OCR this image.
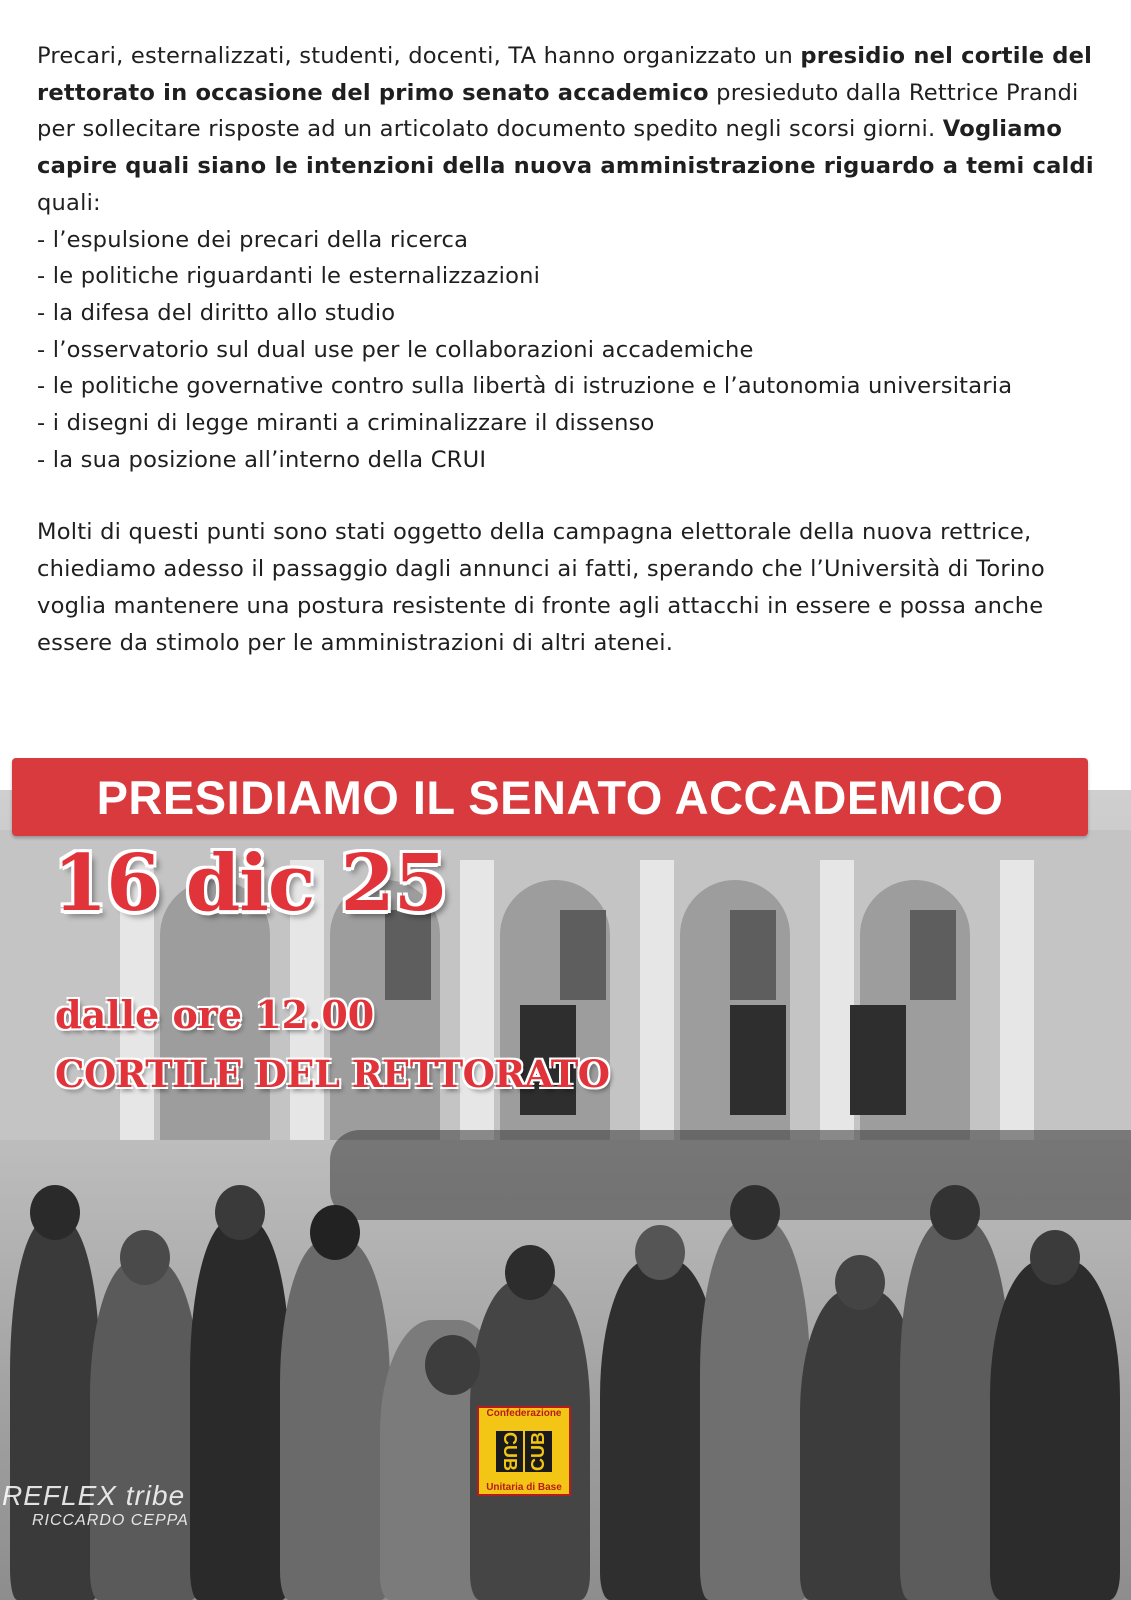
Precari, esternalizzati, studenti, docenti, TA hanno organizzato un presidio nel cortile del rettorato in occasione del primo senato accademico presieduto dalla Rettrice Prandi per sollecitare risposte ad un articolato documento spedito negli scorsi giorni. Vogliamo capire quali siano le intenzioni della nuova amministrazione riguardo a temi caldi quali:

- l’espulsione dei precari della ricerca
- le politiche riguardanti le esternalizzazioni
- la difesa del diritto allo studio
- l’osservatorio sul dual use per le collaborazioni accademiche
- le politiche governative contro sulla libertà di istruzione e l’autonomia universitaria
- i disegni di legge miranti a criminalizzare il dissenso
- la sua posizione all’interno della CRUI

Molti di questi punti sono stati oggetto della campagna elettorale della nuova rettrice, chiediamo adesso il passaggio dagli annunci ai fatti, sperando che l’Università di Torino voglia mantenere una postura resistente di fronte agli attacchi in essere e possa anche essere da stimolo per le amministrazioni di altri atenei.

PRESIDIAMO IL SENATO ACCADEMICO
16 dic 25
dalle ore 12.00
CORTILE DEL RETTORATO
Confederazione
CUB CUB
Unitaria di Base
REFLEX tribe
RICCARDO CEPPA
